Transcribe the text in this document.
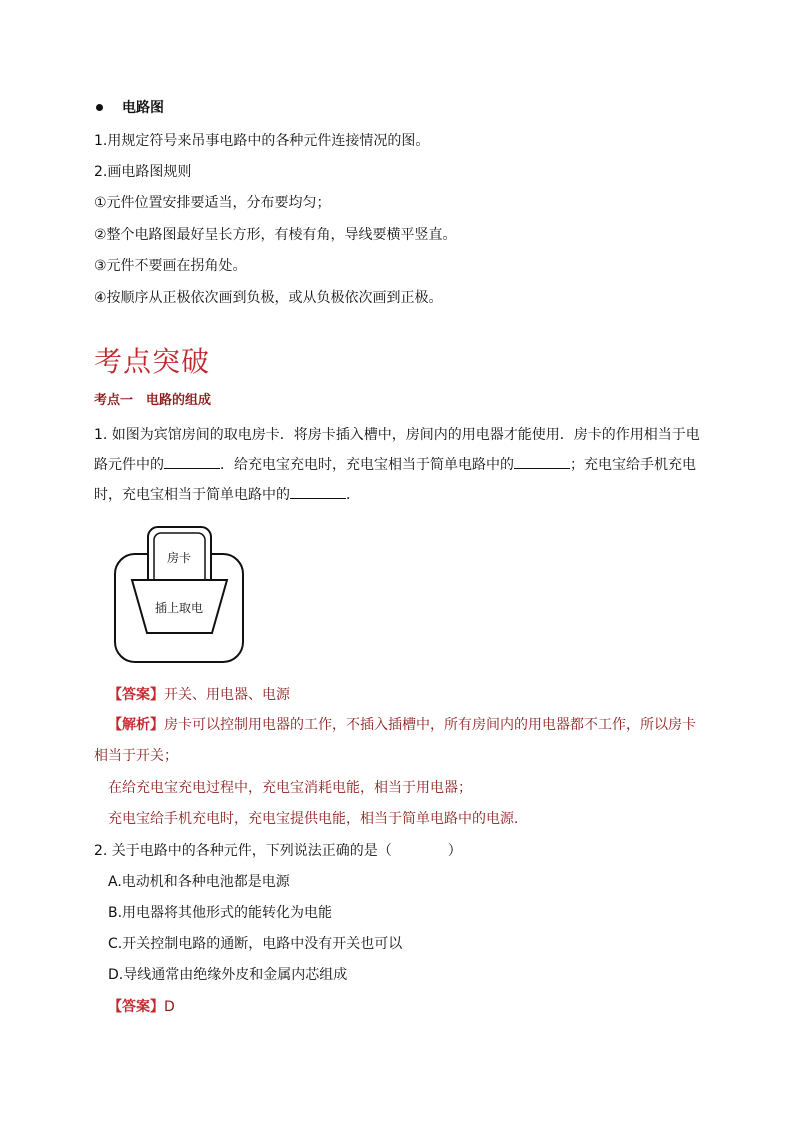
电路图
1.用规定符号来吊事电路中的各种元件连接情况的图。
2.画电路图规则
①元件位置安排要适当，分布要均匀；
②整个电路图最好呈长方形，有棱有角，导线要横平竖直。
③元件不要画在拐角处。
④按顺序从正极依次画到负极，或从负极依次画到正极。
考点突破
考点一　电路的组成
1. 如图为宾馆房间的取电房卡．将房卡插入槽中，房间内的用电器才能使用．房卡的作用相当于电
路元件中的	．给充电宝充电时，充电宝相当于简单电路中的	；充电宝给手机充电
时，充电宝相当于简单电路中的	．
房卡
插上取电
【答案】开关、用电器、电源
【解析】房卡可以控制用电器的工作，不插入插槽中，所有房间内的用电器都不工作，所以房卡
相当于开关；
在给充电宝充电过程中，充电宝消耗电能，相当于用电器；
充电宝给手机充电时，充电宝提供电能，相当于简单电路中的电源．
2. 关于电路中的各种元件，下列说法正确的是（　　　　）
A.电动机和各种电池都是电源
B.用电器将其他形式的能转化为电能
C.开关控制电路的通断，电路中没有开关也可以
D.导线通常由绝缘外皮和金属内芯组成
【答案】D
